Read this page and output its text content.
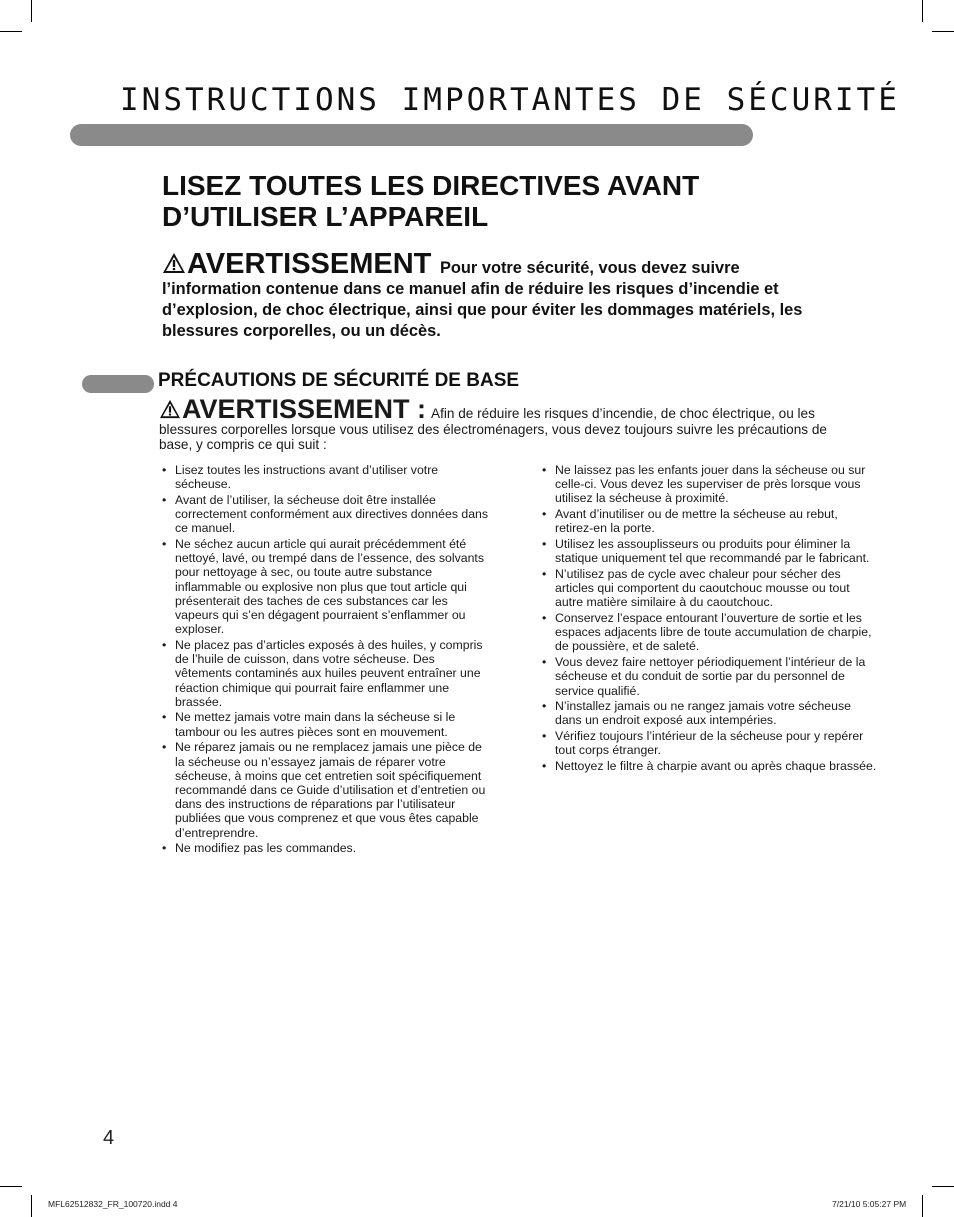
INSTRUCTIONS IMPORTANTES DE SÉCURITÉ
LISEZ TOUTES LES DIRECTIVES AVANT D’UTILISER L’APPAREIL
AVERTISSEMENT Pour votre sécurité, vous devez suivre l’information contenue dans ce manuel afin de réduire les risques d’incendie et d’explosion, de choc électrique, ainsi que pour éviter les dommages matériels, les blessures corporelles, ou un décès.
PRÉCAUTIONS DE SÉCURITÉ DE BASE
AVERTISSEMENT : Afin de réduire les risques d’incendie, de choc électrique, ou les blessures corporelles lorsque vous utilisez des électroménagers, vous devez toujours suivre les précautions de base, y compris ce qui suit :
• Lisez toutes les instructions avant d’utiliser votre sécheuse.
• Avant de l’utiliser, la sécheuse doit être installée correctement conformément aux directives données dans ce manuel.
• Ne séchez aucun article qui aurait précédemment été nettoyé, lavé, ou trempé dans de l’essence, des solvants pour nettoyage à sec, ou toute autre substance inflammable ou explosive non plus que tout article qui présenterait des taches de ces substances car les vapeurs qui s’en dégagent pourraient s’enflammer ou exploser.
• Ne placez pas d’articles exposés à des huiles, y compris de l’huile de cuisson, dans votre sécheuse. Des vêtements contaminés aux huiles peuvent entraîner une réaction chimique qui pourrait faire enflammer une brassée.
• Ne mettez jamais votre main dans la sécheuse si le tambour ou les autres pièces sont en mouvement.
• Ne réparez jamais ou ne remplacez jamais une pièce de la sécheuse ou n’essayez jamais de réparer votre sécheuse, à moins que cet entretien soit spécifiquement recommandé dans ce Guide d’utilisation et d’entretien ou dans des instructions de réparations par l’utilisateur publiées que vous comprenez et que vous êtes capable d’entreprendre.
• Ne modifiez pas les commandes.
• Ne laissez pas les enfants jouer dans la sécheuse ou sur celle-ci. Vous devez les superviser de près lorsque vous utilisez la sécheuse à proximité.
• Avant d’inutiliser ou de mettre la sécheuse au rebut, retirez-en la porte.
• Utilisez les assouplisseurs ou produits pour éliminer la statique uniquement tel que recommandé par le fabricant.
• N’utilisez pas de cycle avec chaleur pour sécher des articles qui comportent du caoutchouc mousse ou tout autre matière similaire à du caoutchouc.
• Conservez l’espace entourant l’ouverture de sortie et les espaces adjacents libre de toute accumulation de charpie, de poussière, et de saleté.
• Vous devez faire nettoyer périodiquement l’intérieur de la sécheuse et du conduit de sortie par du personnel de service qualifié.
• N’installez jamais ou ne rangez jamais votre sécheuse dans un endroit exposé aux intempéries.
• Vérifiez toujours l’intérieur de la sécheuse pour y repérer tout corps étranger.
• Nettoyez le filtre à charpie avant ou après chaque brassée.
4
MFL62512832_FR_100720.indd 4	7/21/10 5:05:27 PM
